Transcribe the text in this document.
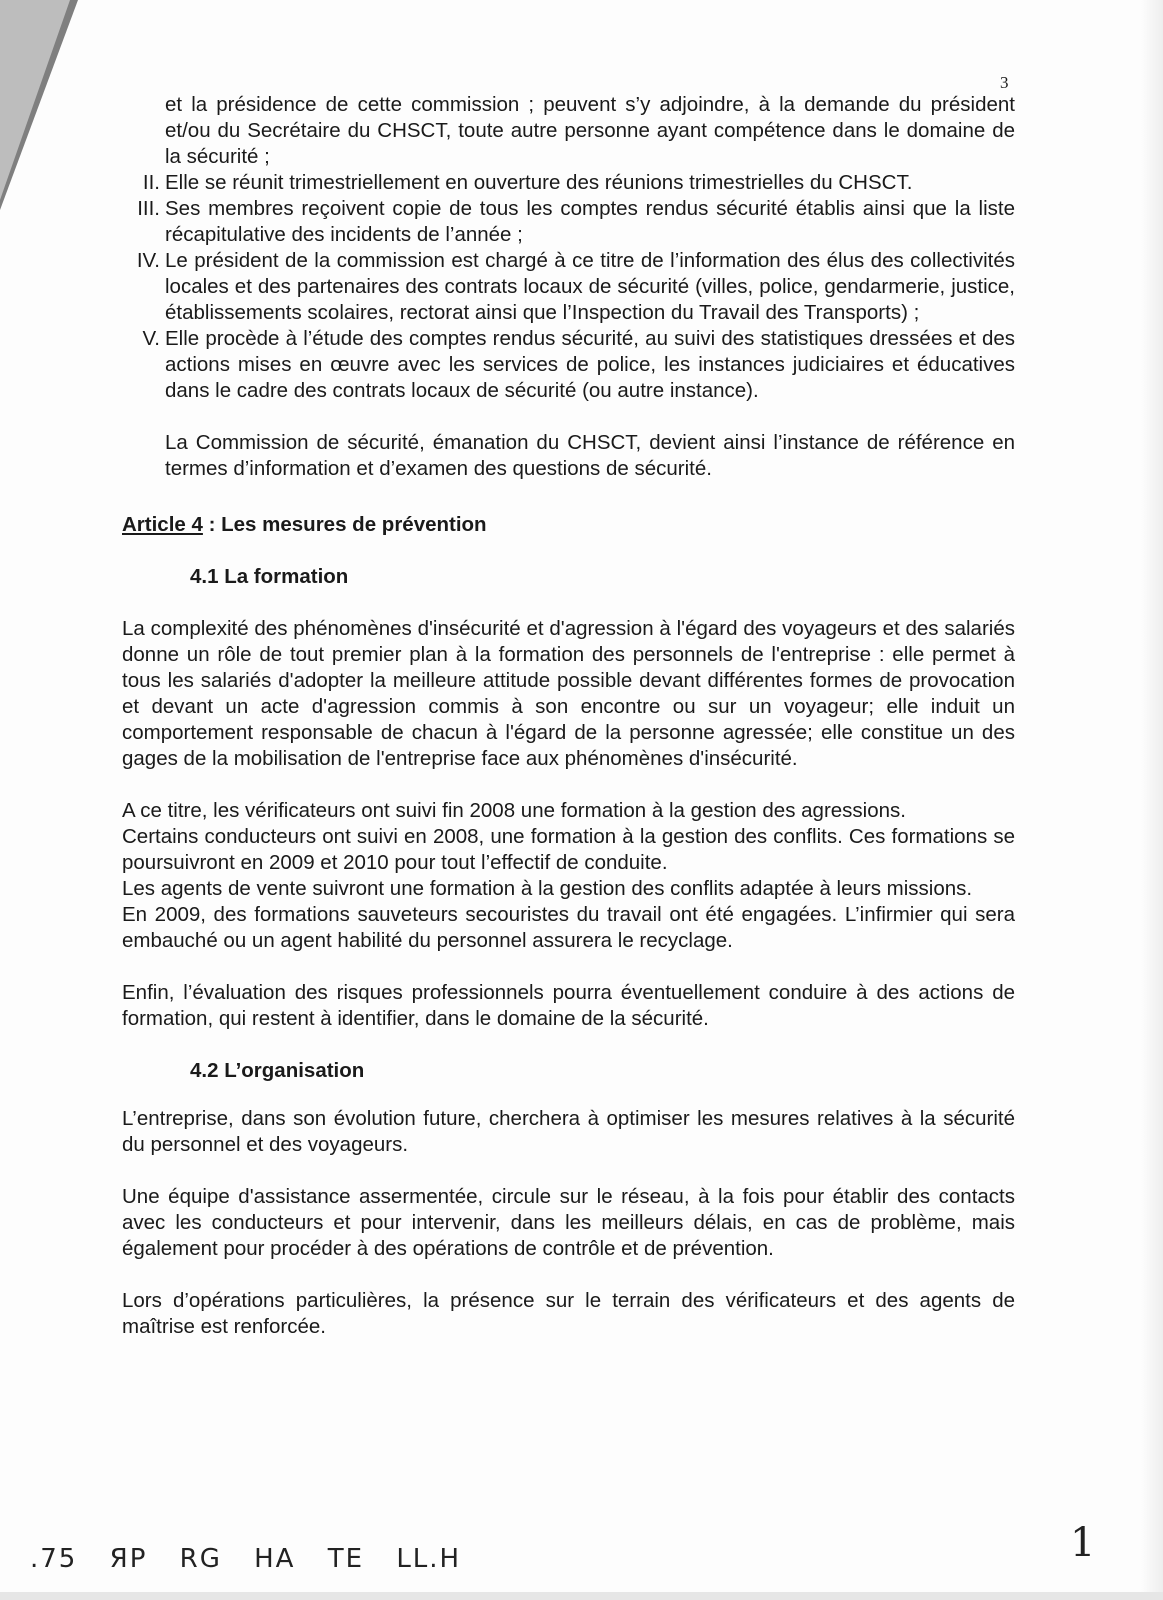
3

et la présidence de cette commission ; peuvent s’y adjoindre, à la demande du président et/ou du Secrétaire du CHSCT, toute autre personne ayant compétence dans le domaine de la sécurité ;

II. Elle se réunit trimestriellement en ouverture des réunions trimestrielles du CHSCT.
III. Ses membres reçoivent copie de tous les comptes rendus sécurité établis ainsi que la liste récapitulative des incidents de l’année ;
IV. Le président de la commission est chargé à ce titre de l’information des élus des collectivités locales et des partenaires des contrats locaux de sécurité (villes, police, gendarmerie, justice, établissements scolaires, rectorat ainsi que l’Inspection du Travail des Transports) ;
V. Elle procède à l’étude des comptes rendus sécurité, au suivi des statistiques dressées et des actions mises en œuvre avec les services de police, les instances judiciaires et éducatives dans le cadre des contrats locaux de sécurité (ou autre instance).

La Commission de sécurité, émanation du CHSCT, devient ainsi l’instance de référence en termes d’information et d’examen des questions de sécurité.

Article 4 : Les mesures de prévention
4.1 La formation

La complexité des phénomènes d'insécurité et d'agression à l'égard des voyageurs et des salariés donne un rôle de tout premier plan à la formation des personnels de l'entreprise : elle permet à tous les salariés d'adopter la meilleure attitude possible devant différentes formes de provocation et devant un acte d'agression commis à son encontre ou sur un voyageur; elle induit un comportement responsable de chacun à l'égard de la personne agressée; elle constitue un des gages de la mobilisation de l'entreprise face aux phénomènes d'insécurité.

A ce titre, les vérificateurs ont suivi fin 2008 une formation à la gestion des agressions.

Certains conducteurs ont suivi en 2008, une formation à la gestion des conflits. Ces formations se poursuivront en 2009 et 2010 pour tout l’effectif de conduite.

Les agents de vente suivront une formation à la gestion des conflits adaptée à leurs missions.

En 2009, des formations sauveteurs secouristes du travail ont été engagées. L’infirmier qui sera embauché ou un agent habilité du personnel assurera le recyclage.

Enfin, l’évaluation des risques professionnels pourra éventuellement conduire à des actions de formation, qui restent à identifier, dans le domaine de la sécurité.

4.2 L’organisation

L’entreprise, dans son évolution future, cherchera à optimiser les mesures relatives à la sécurité du personnel et des voyageurs.

Une équipe d'assistance assermentée, circule sur le réseau, à la fois pour établir des contacts avec les conducteurs et pour intervenir, dans les meilleurs délais, en cas de problème, mais également pour procéder à des opérations de contrôle et de prévention.

Lors d’opérations particulières, la présence sur le terrain des vérificateurs et des agents de maîtrise est renforcée.

.75 ЯР RG HA TE LL.H	1
